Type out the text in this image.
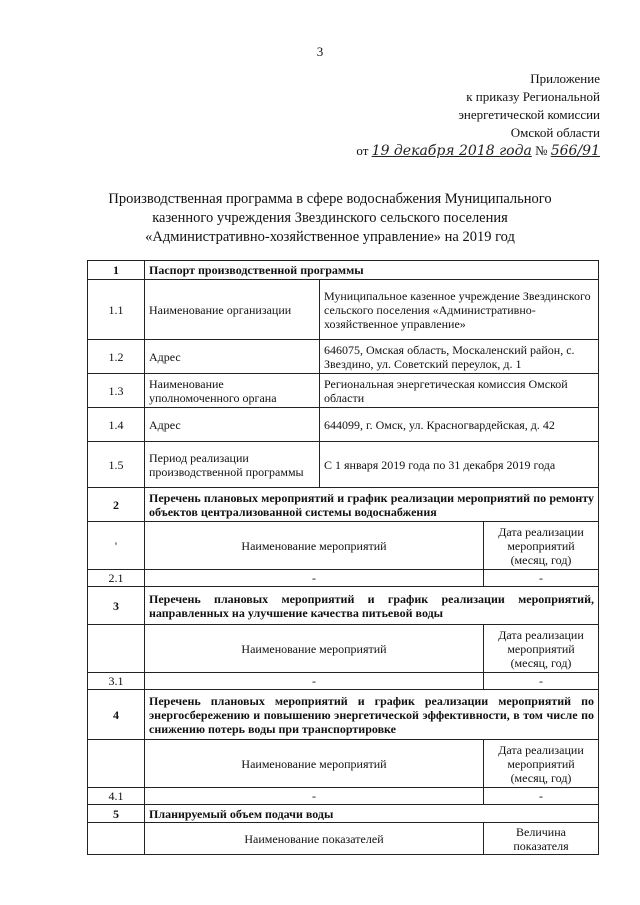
3
Приложение
к приказу Региональной
энергетической комиссии
Омской области
от 19 декабря 2018 года № 566/91
Производственная программа в сфере водоснабжения Муниципального
казенного учреждения Звездинского сельского поселения
«Административно-хозяйственное управление» на 2019 год
1	Паспорт производственной программы		
1.1	Наименование организации	Муниципальное казенное учреждение Звездинского сельского поселения «Административно-хозяйственное управление»	
1.2	Адрес	646075, Омская область, Москаленский район, с. Звездино, ул. Советский переулок, д. 1	
1.3	Наименование уполномоченного органа	Региональная энергетическая комиссия Омской области	
1.4	Адрес	644099, г. Омск, ул. Красногвардейская, д. 42	
1.5	Период реализации производственной программы	С 1 января 2019 года по 31 декабря 2019 года	
2	Перечень плановых мероприятий и график реализации мероприятий по ремонту объектов централизованной системы водоснабжения		
'	Наименование мероприятий		Дата реализации мероприятий (месяц, год)
2.1	-		-
3	Перечень плановых мероприятий и график реализации мероприятий, направленных на улучшение качества питьевой воды		
	Наименование мероприятий		Дата реализации мероприятий (месяц, год)
3.1	-		-
4	Перечень плановых мероприятий и график реализации мероприятий по энергосбережению и повышению энергетической эффективности, в том числе по снижению потерь воды при транспортировке		
	Наименование мероприятий		Дата реализации мероприятий (месяц, год)
4.1	-		-
5	Планируемый объем подачи воды		
	Наименование показателей		Величина показателя
